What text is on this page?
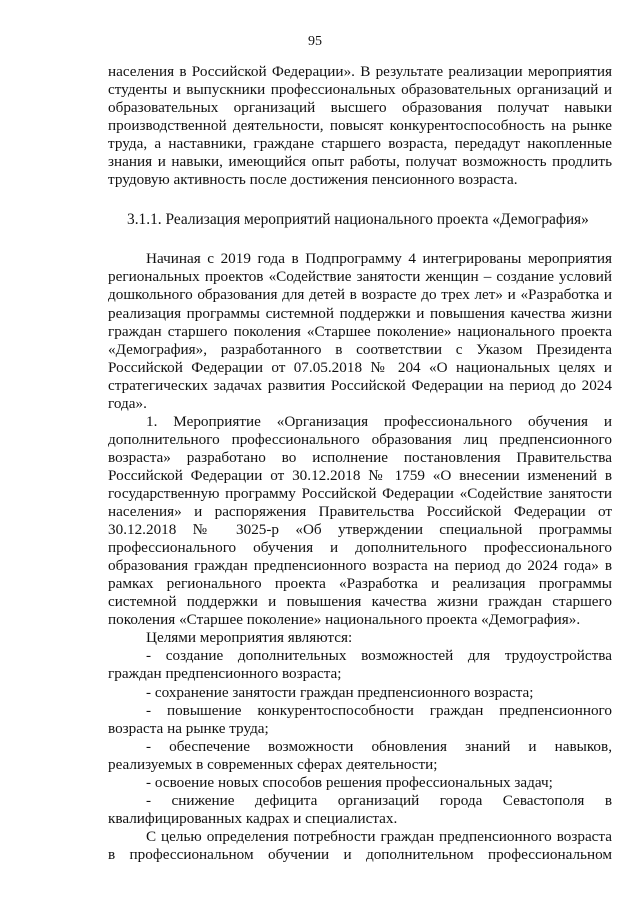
95

населения в Российской Федерации». В результате реализации мероприятия студенты и выпускники профессиональных образовательных организаций и образовательных организаций высшего образования получат навыки производственной деятельности, повысят конкурентоспособность на рынке труда, а наставники, граждане старшего возраста, передадут накопленные знания и навыки, имеющийся опыт работы, получат возможность продлить трудовую активность после достижения пенсионного возраста.

3.1.1. Реализация мероприятий национального проекта «Демография»

Начиная с 2019 года в Подпрограмму 4 интегрированы мероприятия региональных проектов «Содействие занятости женщин – создание условий дошкольного образования для детей в возрасте до трех лет» и «Разработка и реализация программы системной поддержки и повышения качества жизни граждан старшего поколения «Старшее поколение» национального проекта «Демография», разработанного в соответствии с Указом Президента Российской Федерации от 07.05.2018 № 204 «О национальных целях и стратегических задачах развития Российской Федерации на период до 2024 года».

1. Мероприятие «Организация профессионального обучения и дополнительного профессионального образования лиц предпенсионного возраста» разработано во исполнение постановления Правительства Российской Федерации от 30.12.2018 № 1759 «О внесении изменений в государственную программу Российской Федерации «Содействие занятости населения» и распоряжения Правительства Российской Федерации от 30.12.2018 № 3025-р «Об утверждении специальной программы профессионального обучения и дополнительного профессионального образования граждан предпенсионного возраста на период до 2024 года» в рамках регионального проекта «Разработка и реализация программы системной поддержки и повышения качества жизни граждан старшего поколения «Старшее поколение» национального проекта «Демография».

Целями мероприятия являются:

- создание дополнительных возможностей для трудоустройства граждан предпенсионного возраста;

- сохранение занятости граждан предпенсионного возраста;

- повышение конкурентоспособности граждан предпенсионного возраста на рынке труда;

- обеспечение возможности обновления знаний и навыков, реализуемых в современных сферах деятельности;

- освоение новых способов решения профессиональных задач;

- снижение дефицита организаций города Севастополя в квалифицированных кадрах и специалистах.

С целью определения потребности граждан предпенсионного возраста в профессиональном обучении и дополнительном профессиональном
